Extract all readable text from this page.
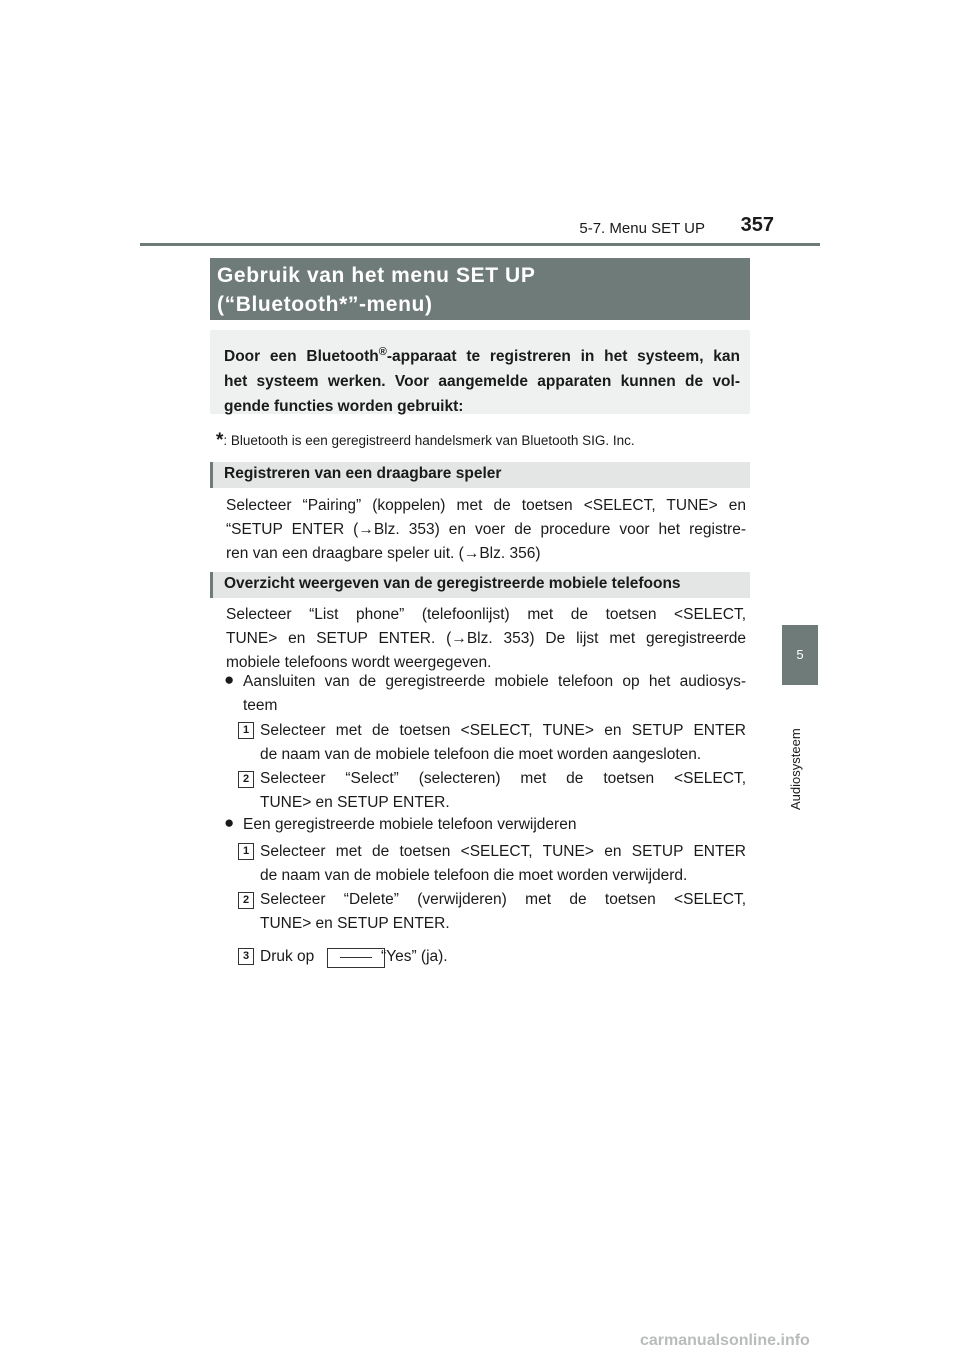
5-7. Menu SET UP	357
5
Audiosysteem
Gebruik van het menu SET UP
(“Bluetooth*”-menu)
Door een Bluetooth®-apparaat te registreren in het systeem, kan
het systeem werken. Voor aangemelde apparaten kunnen de vol-
gende functies worden gebruikt:
*: Bluetooth is een geregistreerd handelsmerk van Bluetooth SIG. Inc.
Registreren van een draagbare speler
Selecteer “Pairing” (koppelen) met de toetsen <SELECT, TUNE> en
“SETUP ENTER (→Blz. 353) en voer de procedure voor het registre-
ren van een draagbare speler uit. (→Blz. 356)
Overzicht weergeven van de geregistreerde mobiele telefoons
Selecteer “List phone” (telefoonlijst) met de toetsen <SELECT,
TUNE> en SETUP ENTER. (→Blz. 353) De lijst met geregistreerde
mobiele telefoons wordt weergegeven.
● Aansluiten van de geregistreerde mobiele telefoon op het audiosys-
teem
1 Selecteer met de toetsen <SELECT, TUNE> en SETUP ENTER
de naam van de mobiele telefoon die moet worden aangesloten.
2 Selecteer “Select” (selecteren) met de toetsen <SELECT,
TUNE> en SETUP ENTER.
● Een geregistreerde mobiele telefoon verwijderen
1 Selecteer met de toetsen <SELECT, TUNE> en SETUP ENTER
de naam van de mobiele telefoon die moet worden verwijderd.
2 Selecteer “Delete” (verwijderen) met de toetsen <SELECT,
TUNE> en SETUP ENTER.
3 Druk op	“Yes” (ja).
carmanualsonline.info
